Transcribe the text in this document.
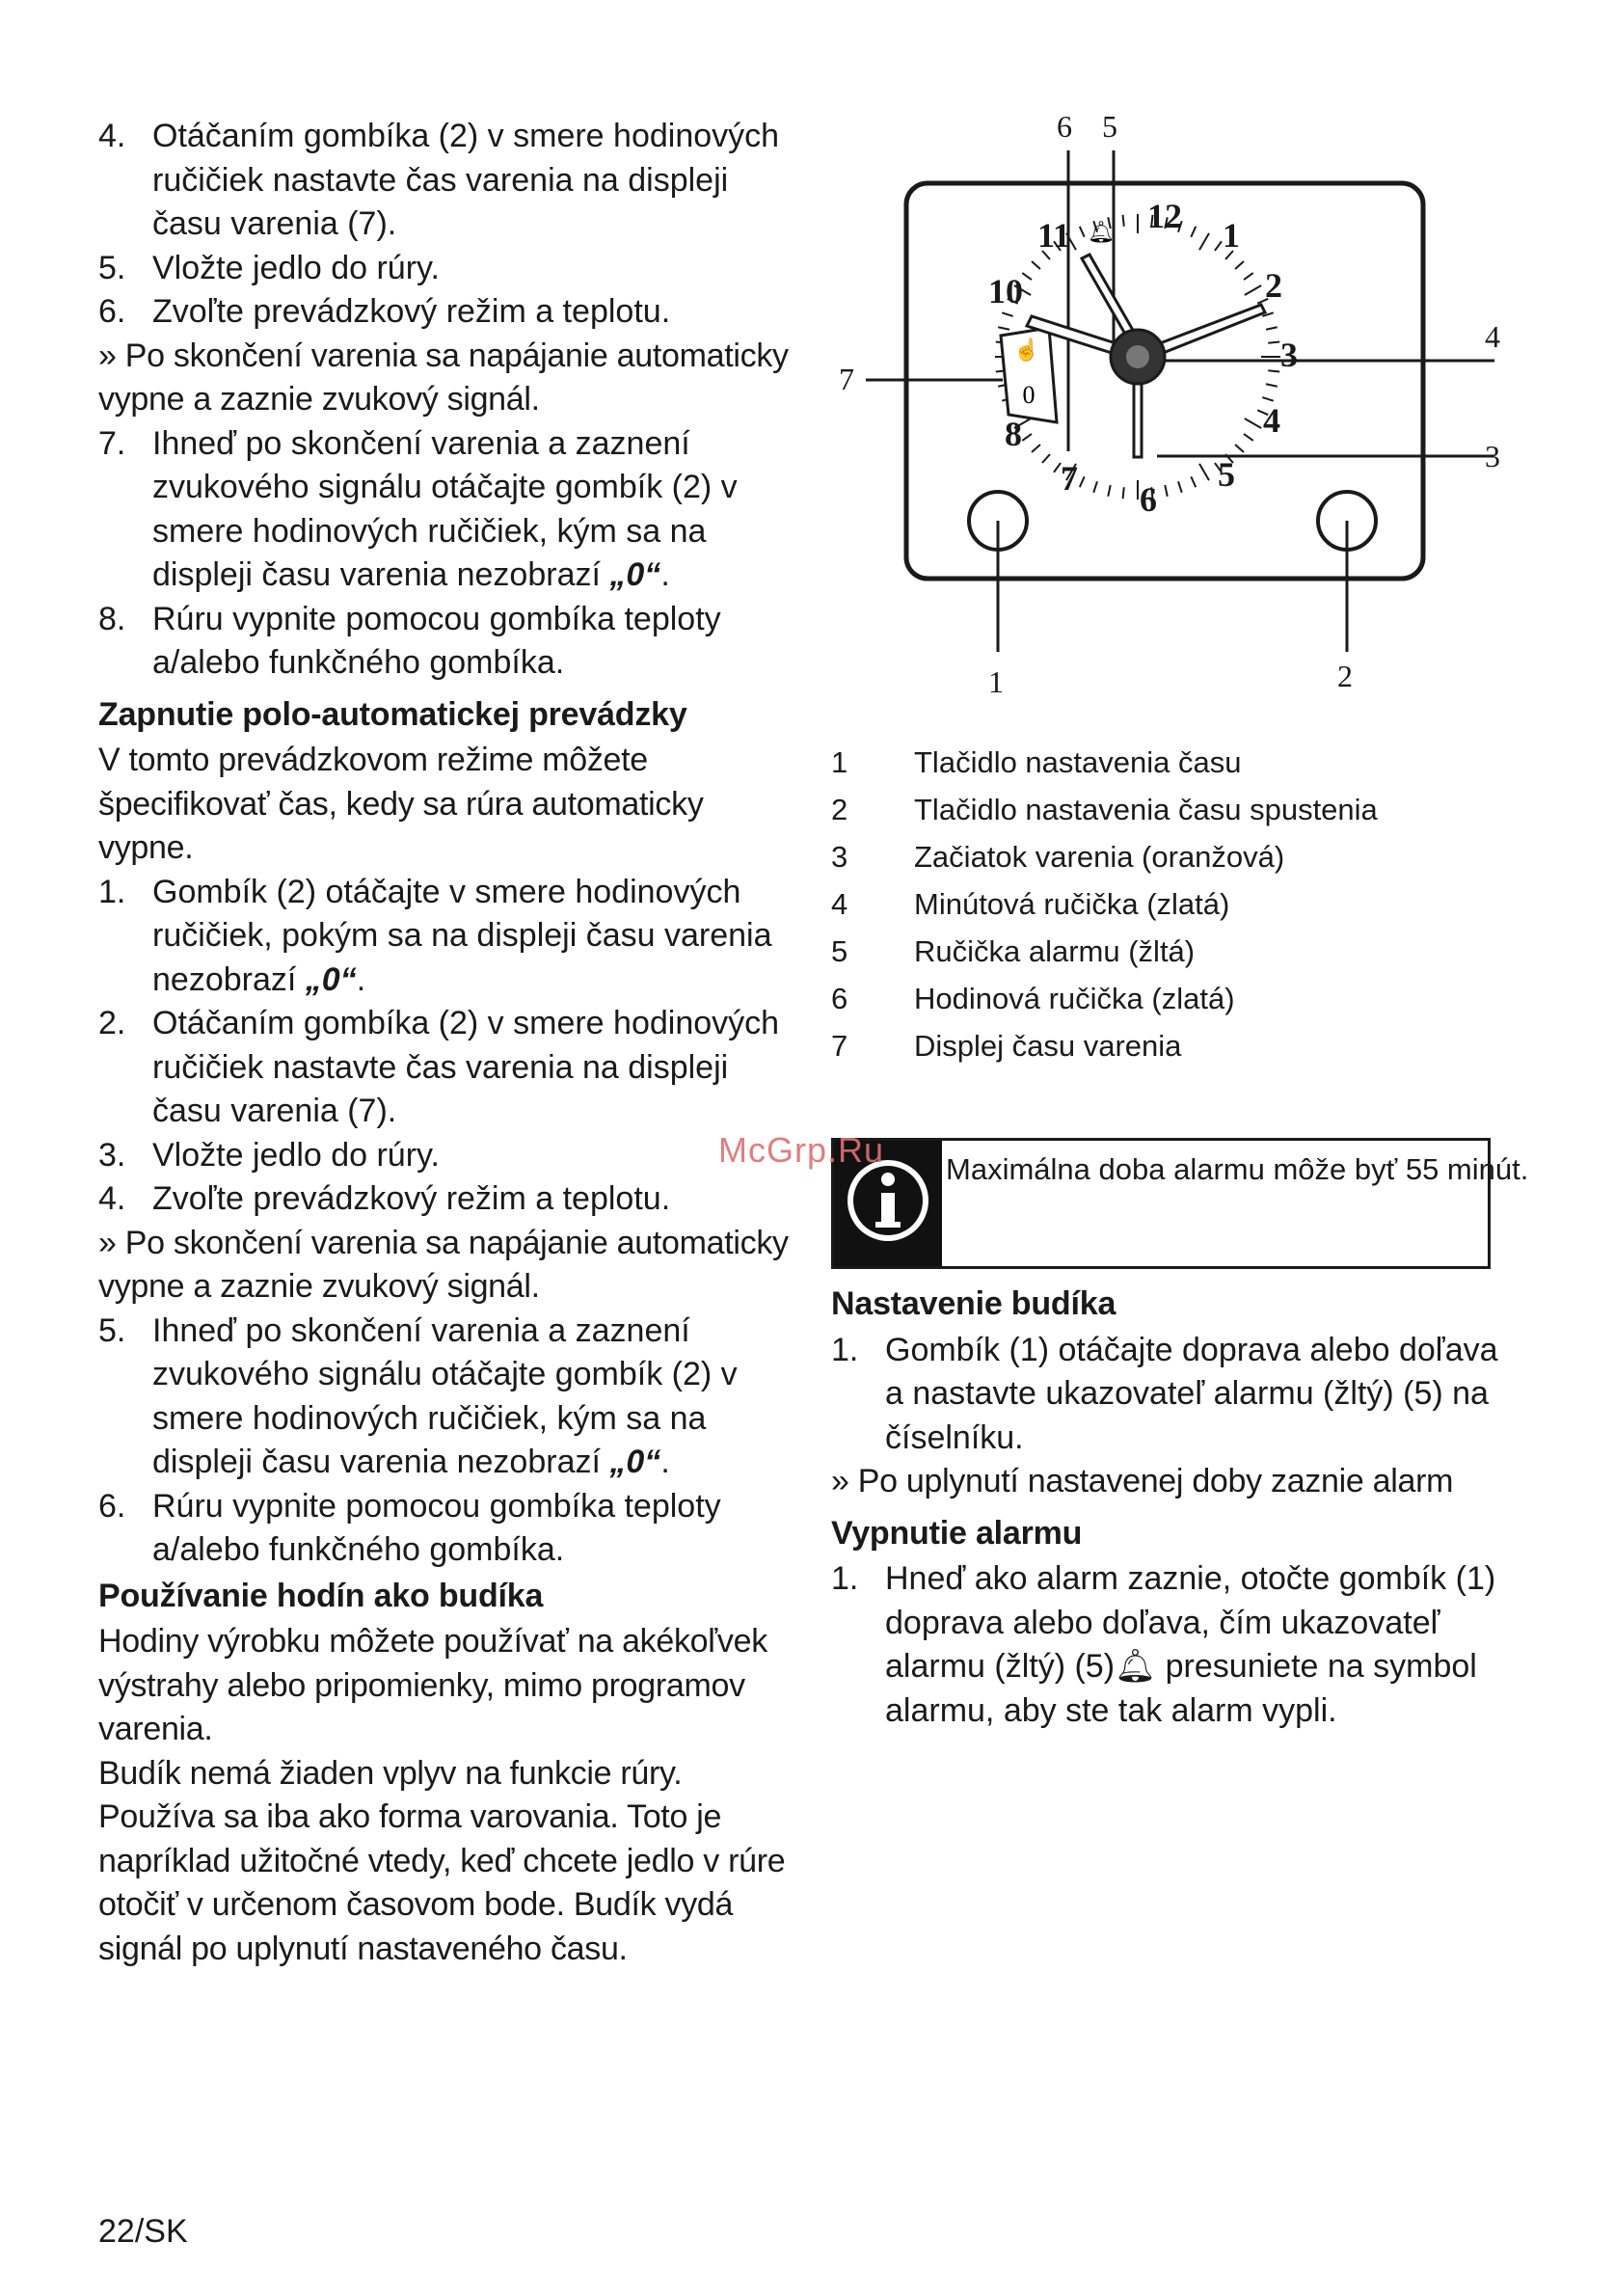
4. Otáčaním gombíka (2) v smere hodinových ručičiek nastavte čas varenia na displeji času varenia (7).
5. Vložte jedlo do rúry.
6. Zvoľte prevádzkový režim a teplotu.

» Po skončení varenia sa napájanie automaticky vypne a zaznie zvukový signál.

7. Ihneď po skončení varenia a zaznení zvukového signálu otáčajte gombík (2) v smere hodinových ručičiek, kým sa na displeji času varenia nezobrazí „0“.
8. Rúru vypnite pomocou gombíka teploty a/alebo funkčného gombíka.
Zapnutie polo-automatickej prevádzky

V tomto prevádzkovom režime môžete špecifikovať čas, kedy sa rúra automaticky vypne.

1. Gombík (2) otáčajte v smere hodinových ručičiek, pokým sa na displeji času varenia nezobrazí „0“.
2. Otáčaním gombíka (2) v smere hodinových ručičiek nastavte čas varenia na displeji času varenia (7).
3. Vložte jedlo do rúry.
4. Zvoľte prevádzkový režim a teplotu.

» Po skončení varenia sa napájanie automaticky vypne a zaznie zvukový signál.

5. Ihneď po skončení varenia a zaznení zvukového signálu otáčajte gombík (2) v smere hodinových ručičiek, kým sa na displeji času varenia nezobrazí „0“.
6. Rúru vypnite pomocou gombíka teploty a/alebo funkčného gombíka.
Používanie hodín ako budíka

Hodiny výrobku môžete používať na akékoľvek výstrahy alebo pripomienky, mimo programov varenia.

Budík nemá žiaden vplyv na funkcie rúry. Používa sa iba ako forma varovania. Toto je napríklad užitočné vtedy, keď chcete jedlo v rúre otočiť v určenom časovom bode. Budík vydá signál po uplynutí nastaveného času.

☝
0
12 1
2
3
4
5
6
7
8
10
11 🔔︎
6 5
4
7
3
1	2
1	Tlačidlo nastavenia času
2	Tlačidlo nastavenia času spustenia
3	Začiatok varenia (oranžová)
4	Minútová ručička (zlatá)
5	Ručička alarmu (žltá)
6	Hodinová ručička (zlatá)
7	Displej času varenia
Maximálna doba alarmu môže byť 55 minút.
McGrp.Ru
Nastavenie budíka
1. Gombík (1) otáčajte doprava alebo doľava a nastavte ukazovateľ alarmu (žltý) (5) na číselníku.

» Po uplynutí nastavenej doby zaznie alarm

Vypnutie alarmu
1. Hneď ako alarm zaznie, otočte gombík (1) doprava alebo doľava, čím ukazovateľ alarmu (žltý) (5)🔔︎ presuniete na symbol alarmu, aby ste tak alarm vypli.
22/SK
